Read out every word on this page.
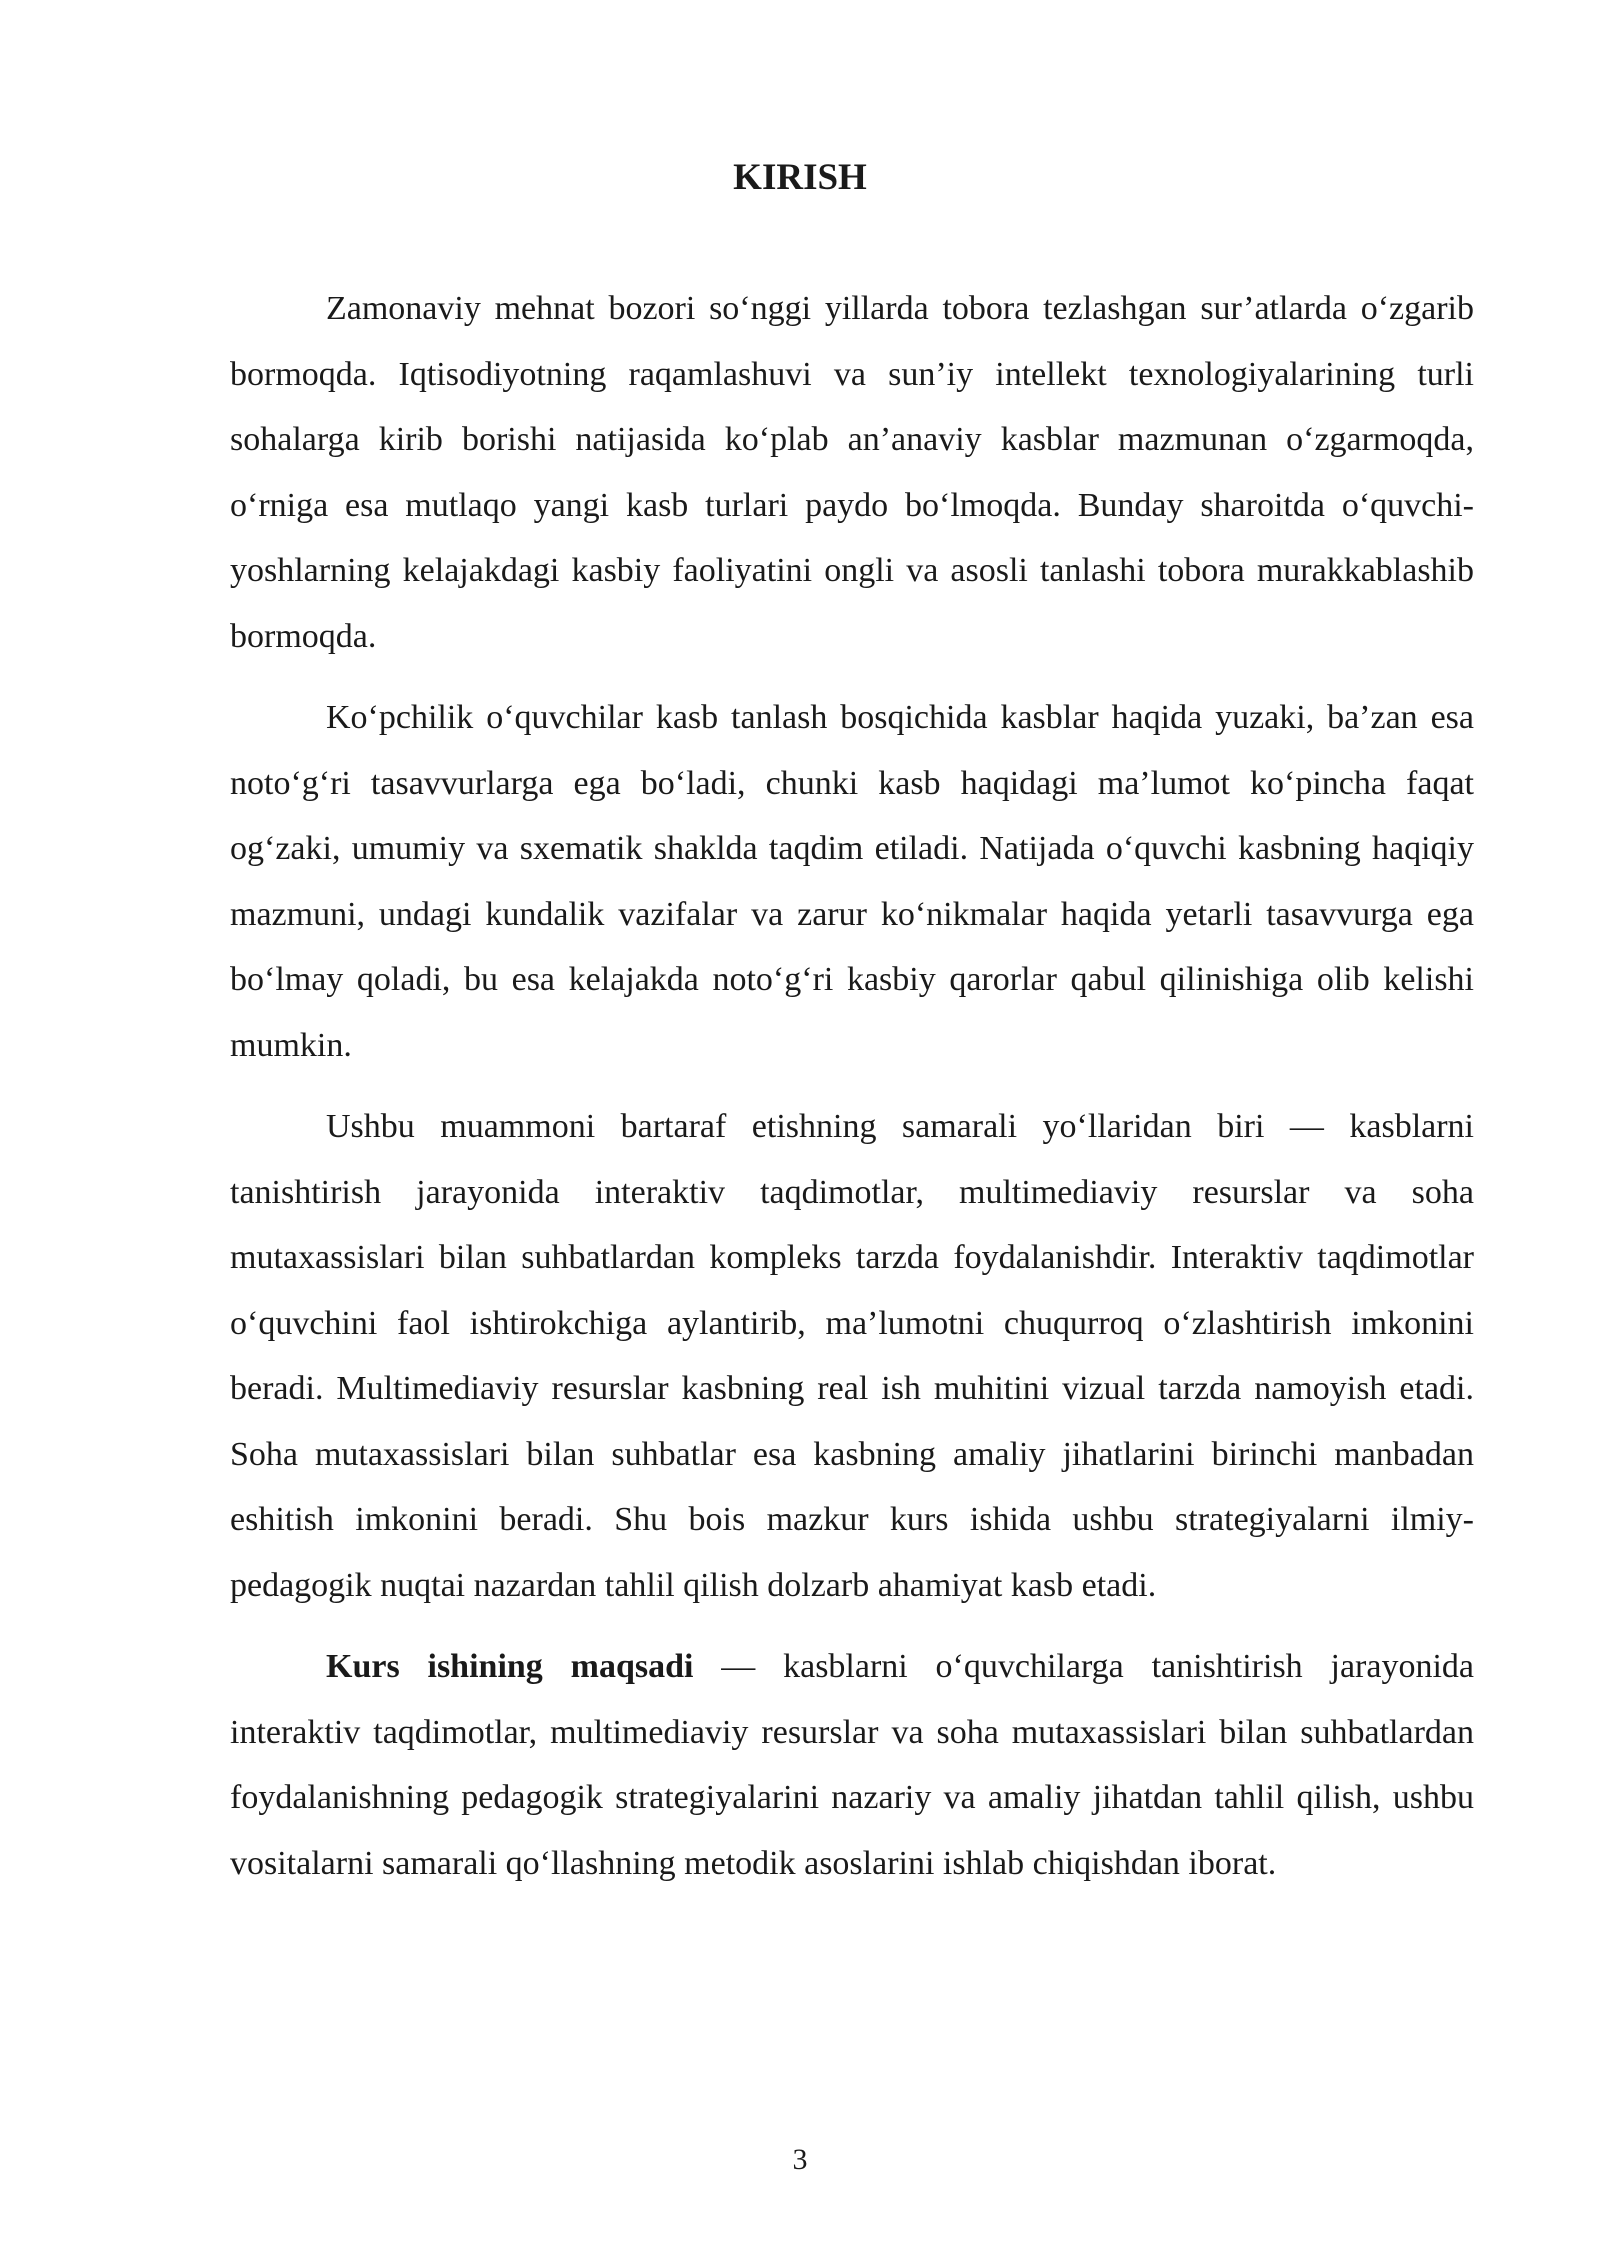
KIRISH

Zamonaviy mehnat bozori so‘nggi yillarda tobora tezlashgan sur’atlarda o‘zgarib bormoqda. Iqtisodiyotning raqamlashuvi va sun’iy intellekt texnologiyalarining turli sohalarga kirib borishi natijasida ko‘plab an’anaviy kasblar mazmunan o‘zgarmoqda, o‘rniga esa mutlaqo yangi kasb turlari paydo bo‘lmoqda. Bunday sharoitda o‘quvchi-yoshlarning kelajakdagi kasbiy faoliyatini ongli va asosli tanlashi tobora murakkablashib bormoqda.

Ko‘pchilik o‘quvchilar kasb tanlash bosqichida kasblar haqida yuzaki, ba’zan esa noto‘g‘ri tasavvurlarga ega bo‘ladi, chunki kasb haqidagi ma’lumot ko‘pincha faqat og‘zaki, umumiy va sxematik shaklda taqdim etiladi. Natijada o‘quvchi kasbning haqiqiy mazmuni, undagi kundalik vazifalar va zarur ko‘nikmalar haqida yetarli tasavvurga ega bo‘lmay qoladi, bu esa kelajakda noto‘g‘ri kasbiy qarorlar qabul qilinishiga olib kelishi mumkin.

Ushbu muammoni bartaraf etishning samarali yo‘llaridan biri — kasblarni tanishtirish jarayonida interaktiv taqdimotlar, multimediaviy resurslar va soha mutaxassislari bilan suhbatlardan kompleks tarzda foydalanishdir. Interaktiv taqdimotlar o‘quvchini faol ishtirokchiga aylantirib, ma’lumotni chuqurroq o‘zlashtirish imkonini beradi. Multimediaviy resurslar kasbning real ish muhitini vizual tarzda namoyish etadi. Soha mutaxassislari bilan suhbatlar esa kasbning amaliy jihatlarini birinchi manbadan eshitish imkonini beradi. Shu bois mazkur kurs ishida ushbu strategiyalarni ilmiy-pedagogik nuqtai nazardan tahlil qilish dolzarb ahamiyat kasb etadi.

Kurs ishining maqsadi — kasblarni o‘quvchilarga tanishtirish jarayonida interaktiv taqdimotlar, multimediaviy resurslar va soha mutaxassislari bilan suhbatlardan foydalanishning pedagogik strategiyalarini nazariy va amaliy jihatdan tahlil qilish, ushbu vositalarni samarali qo‘llashning metodik asoslarini ishlab chiqishdan iborat.

3
